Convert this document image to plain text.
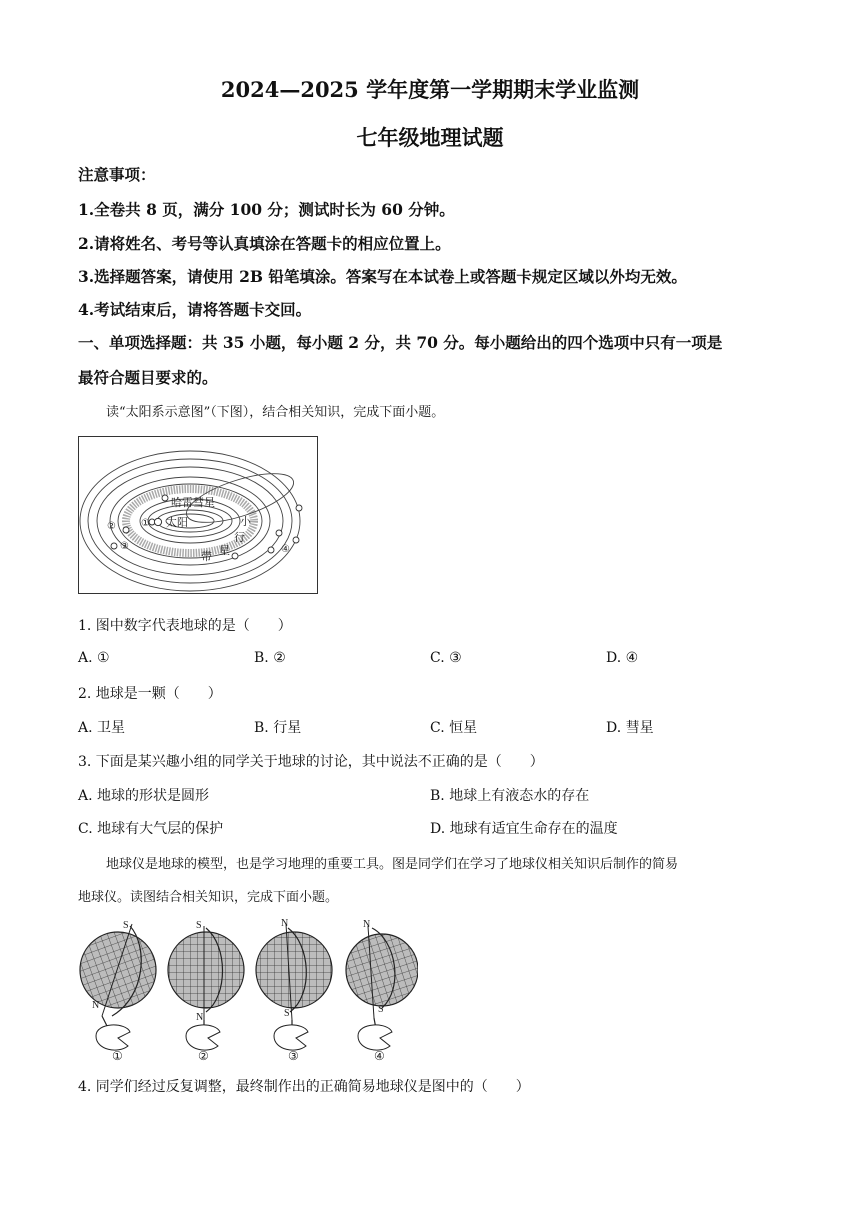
2024—2025 学年度第一学期期末学业监测
七年级地理试题
注意事项：
1.全卷共 8 页，满分 100 分；测试时长为 60 分钟。
2.请将姓名、考号等认真填涂在答题卡的相应位置上。
3.选择题答案，请使用 2B 铅笔填涂。答案写在本试卷上或答题卡规定区域以外均无效。
4.考试结束后，请将答题卡交回。
一、单项选择题：共 35 小题，每小题 2 分，共 70 分。每小题给出的四个选项中只有一项是
最符合题目要求的。
读“太阳系示意图”（下图），结合相关知识，完成下面小题。
哈雷彗星
太阳	小
行
星
带
①
②
③	④
1. 图中数字代表地球的是（　　）
A. ①	B. ②	C. ③	D. ④
2. 地球是一颗（　　）
A. 卫星	B. 行星	C. 恒星	D. 彗星
3. 下面是某兴趣小组的同学关于地球的讨论，其中说法不正确的是（　　）
A. 地球的形状是圆形	B. 地球上有液态水的存在
C. 地球有大气层的保护	D. 地球有适宜生命存在的温度
地球仪是地球的模型，也是学习地理的重要工具。图是同学们在学习了地球仪相关知识后制作的简易
地球仪。读图结合相关知识，完成下面小题。
S
N
①
S
N
②
N
S
③
N
S
④
4. 同学们经过反复调整，最终制作出的正确简易地球仪是图中的（　　）
